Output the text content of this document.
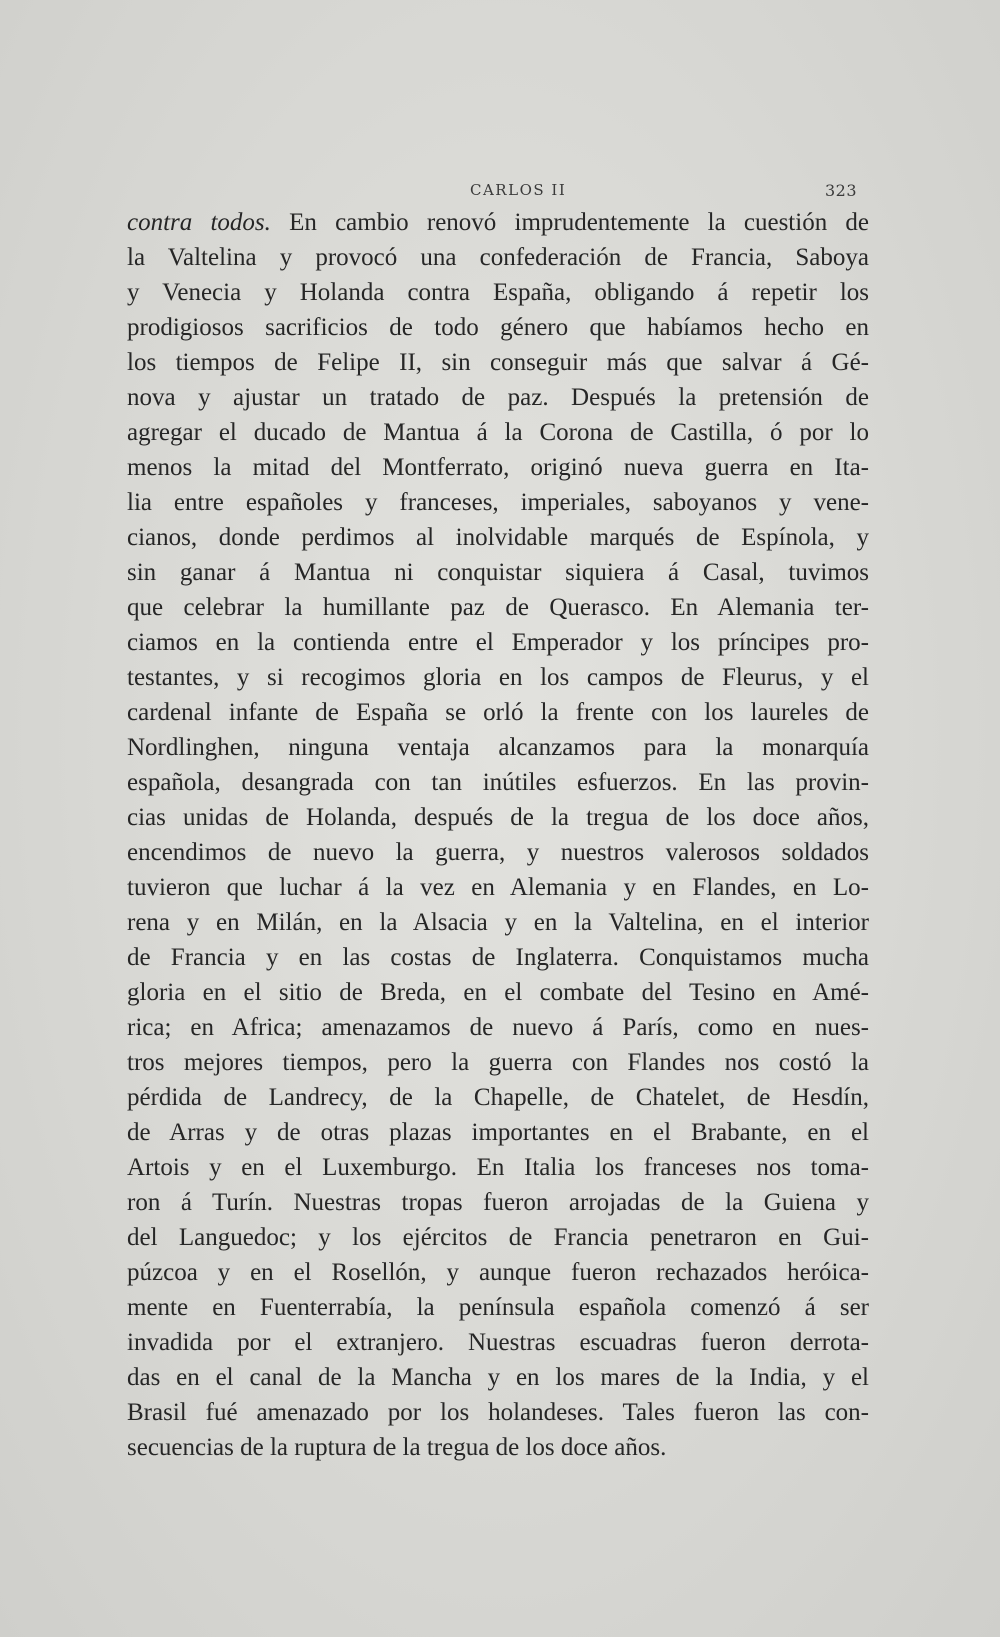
CARLOS II	323
contra todos. En cambio renovó imprudentemente la cuestión de
la Valtelina y provocó una confederación de Francia, Saboya
y Venecia y Holanda contra España, obligando á repetir los
prodigiosos sacrificios de todo género que habíamos hecho en
los tiempos de Felipe II, sin conseguir más que salvar á Gé-
nova y ajustar un tratado de paz. Después la pretensión de
agregar el ducado de Mantua á la Corona de Castilla, ó por lo
menos la mitad del Montferrato, originó nueva guerra en Ita-
lia entre españoles y franceses, imperiales, saboyanos y vene-
cianos, donde perdimos al inolvidable marqués de Espínola, y
sin ganar á Mantua ni conquistar siquiera á Casal, tuvimos
que celebrar la humillante paz de Querasco. En Alemania ter-
ciamos en la contienda entre el Emperador y los príncipes pro-
testantes, y si recogimos gloria en los campos de Fleurus, y el
cardenal infante de España se orló la frente con los laureles de
Nordlinghen, ninguna ventaja alcanzamos para la monarquía
española, desangrada con tan inútiles esfuerzos. En las provin-
cias unidas de Holanda, después de la tregua de los doce años,
encendimos de nuevo la guerra, y nuestros valerosos soldados
tuvieron que luchar á la vez en Alemania y en Flandes, en Lo-
rena y en Milán, en la Alsacia y en la Valtelina, en el interior
de Francia y en las costas de Inglaterra. Conquistamos mucha
gloria en el sitio de Breda, en el combate del Tesino en Amé-
rica; en Africa; amenazamos de nuevo á París, como en nues-
tros mejores tiempos, pero la guerra con Flandes nos costó la
pérdida de Landrecy, de la Chapelle, de Chatelet, de Hesdín,
de Arras y de otras plazas importantes en el Brabante, en el
Artois y en el Luxemburgo. En Italia los franceses nos toma-
ron á Turín. Nuestras tropas fueron arrojadas de la Guiena y
del Languedoc; y los ejércitos de Francia penetraron en Gui-
púzcoa y en el Rosellón, y aunque fueron rechazados heróica-
mente en Fuenterrabía, la península española comenzó á ser
invadida por el extranjero. Nuestras escuadras fueron derrota-
das en el canal de la Mancha y en los mares de la India, y el
Brasil fué amenazado por los holandeses. Tales fueron las con-
secuencias de la ruptura de la tregua de los doce años.
